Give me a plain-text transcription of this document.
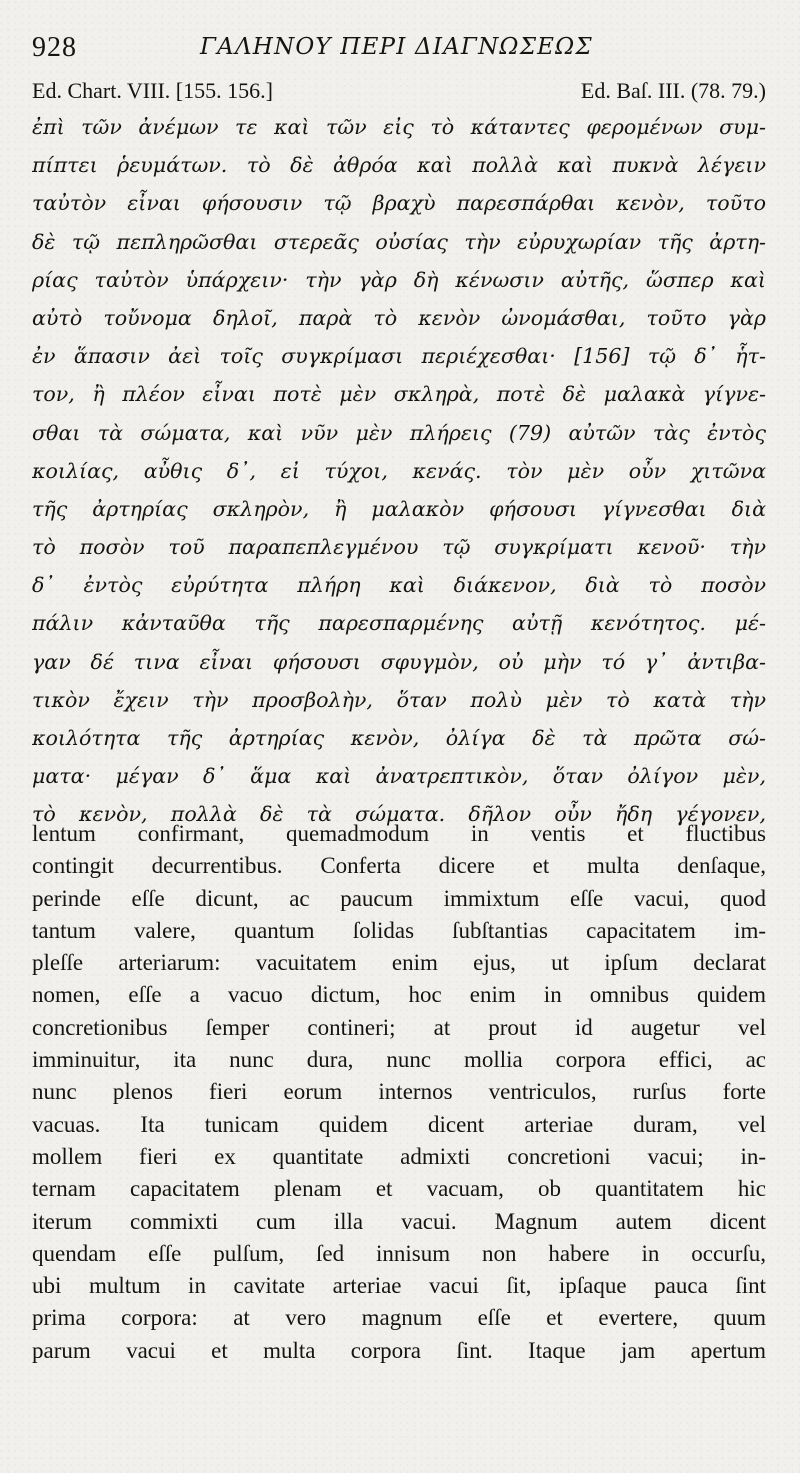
928	ΓΑΛΗΝΟΥ ΠΕΡΙ ΔΙΑΓΝΩΣΕΩΣ
Ed. Chart. VIII. [155. 156.]	Ed. Baſ. III. (78. 79.)
ἐπὶ τῶν ἀνέμων τε καὶ τῶν εἰς τὸ κάταντες φερομένων συμ-
πίπτει ῥευμάτων. τὸ δὲ ἀθρόα καὶ πολλὰ καὶ πυκνὰ λέγειν
ταὐτὸν εἶναι φήσουσιν τῷ βραχὺ παρεσπάρθαι κενὸν, τοῦτο
δὲ τῷ πεπληρῶσθαι στερεᾶς οὐσίας τὴν εὐρυχωρίαν τῆς ἀρτη-
ρίας ταὐτὸν ὑπάρχειν· τὴν γὰρ δὴ κένωσιν αὐτῆς, ὥσπερ καὶ
αὐτὸ τοὔνομα δηλοῖ, παρὰ τὸ κενὸν ὠνομάσθαι, τοῦτο γὰρ
ἐν ἅπασιν ἀεὶ τοῖς συγκρίμασι περιέχεσθαι· [156] τῷ δ᾽ ἧτ-
τον, ἢ πλέον εἶναι ποτὲ μὲν σκληρὰ, ποτὲ δὲ μαλακὰ γίγνε-
σθαι τὰ σώματα, καὶ νῦν μὲν πλήρεις (79) αὐτῶν τὰς ἐντὸς
κοιλίας, αὖθις δ᾽, εἰ τύχοι, κενάς. τὸν μὲν οὖν χιτῶνα
τῆς ἀρτηρίας σκληρὸν, ἢ μαλακὸν φήσουσι γίγνεσθαι διὰ
τὸ ποσὸν τοῦ παραπεπλεγμένου τῷ συγκρίματι κενοῦ· τὴν
δ᾽ ἐντὸς εὐρύτητα πλήρη καὶ διάκενον, διὰ τὸ ποσὸν
πάλιν κἀνταῦθα τῆς παρεσπαρμένης αὐτῇ κενότητος. μέ-
γαν δέ τινα εἶναι φήσουσι σφυγμὸν, οὐ μὴν τό γ᾽ ἀντιβα-
τικὸν ἔχειν τὴν προσβολὴν, ὅταν πολὺ μὲν τὸ κατὰ τὴν
κοιλότητα τῆς ἀρτηρίας κενὸν, ὀλίγα δὲ τὰ πρῶτα σώ-
ματα· μέγαν δ᾽ ἅμα καὶ ἀνατρεπτικὸν, ὅταν ὀλίγον μὲν,
τὸ κενὸν, πολλὰ δὲ τὰ σώματα. δῆλον οὖν ἤδη γέγονεν,
lentum confirmant, quemadmodum in ventis et fluctibus
contingit decurrentibus. Conferta dicere et multa denſaque,
perinde eſſe dicunt, ac paucum immixtum eſſe vacui, quod
tantum valere, quantum ſolidas ſubſtantias capacitatem im-
pleſſe arteriarum: vacuitatem enim ejus, ut ipſum declarat
nomen, eſſe a vacuo dictum, hoc enim in omnibus quidem
concretionibus ſemper contineri; at prout id augetur vel
imminuitur, ita nunc dura, nunc mollia corpora effici, ac
nunc plenos fieri eorum internos ventriculos, rurſus forte
vacuas. Ita tunicam quidem dicent arteriae duram, vel
mollem fieri ex quantitate admixti concretioni vacui; in-
ternam capacitatem plenam et vacuam, ob quantitatem hic
iterum commixti cum illa vacui. Magnum autem dicent
quendam eſſe pulſum, ſed innisum non habere in occurſu,
ubi multum in cavitate arteriae vacui ſit, ipſaque pauca ſint
prima corpora: at vero magnum eſſe et evertere, quum
parum vacui et multa corpora ſint. Itaque jam apertum
